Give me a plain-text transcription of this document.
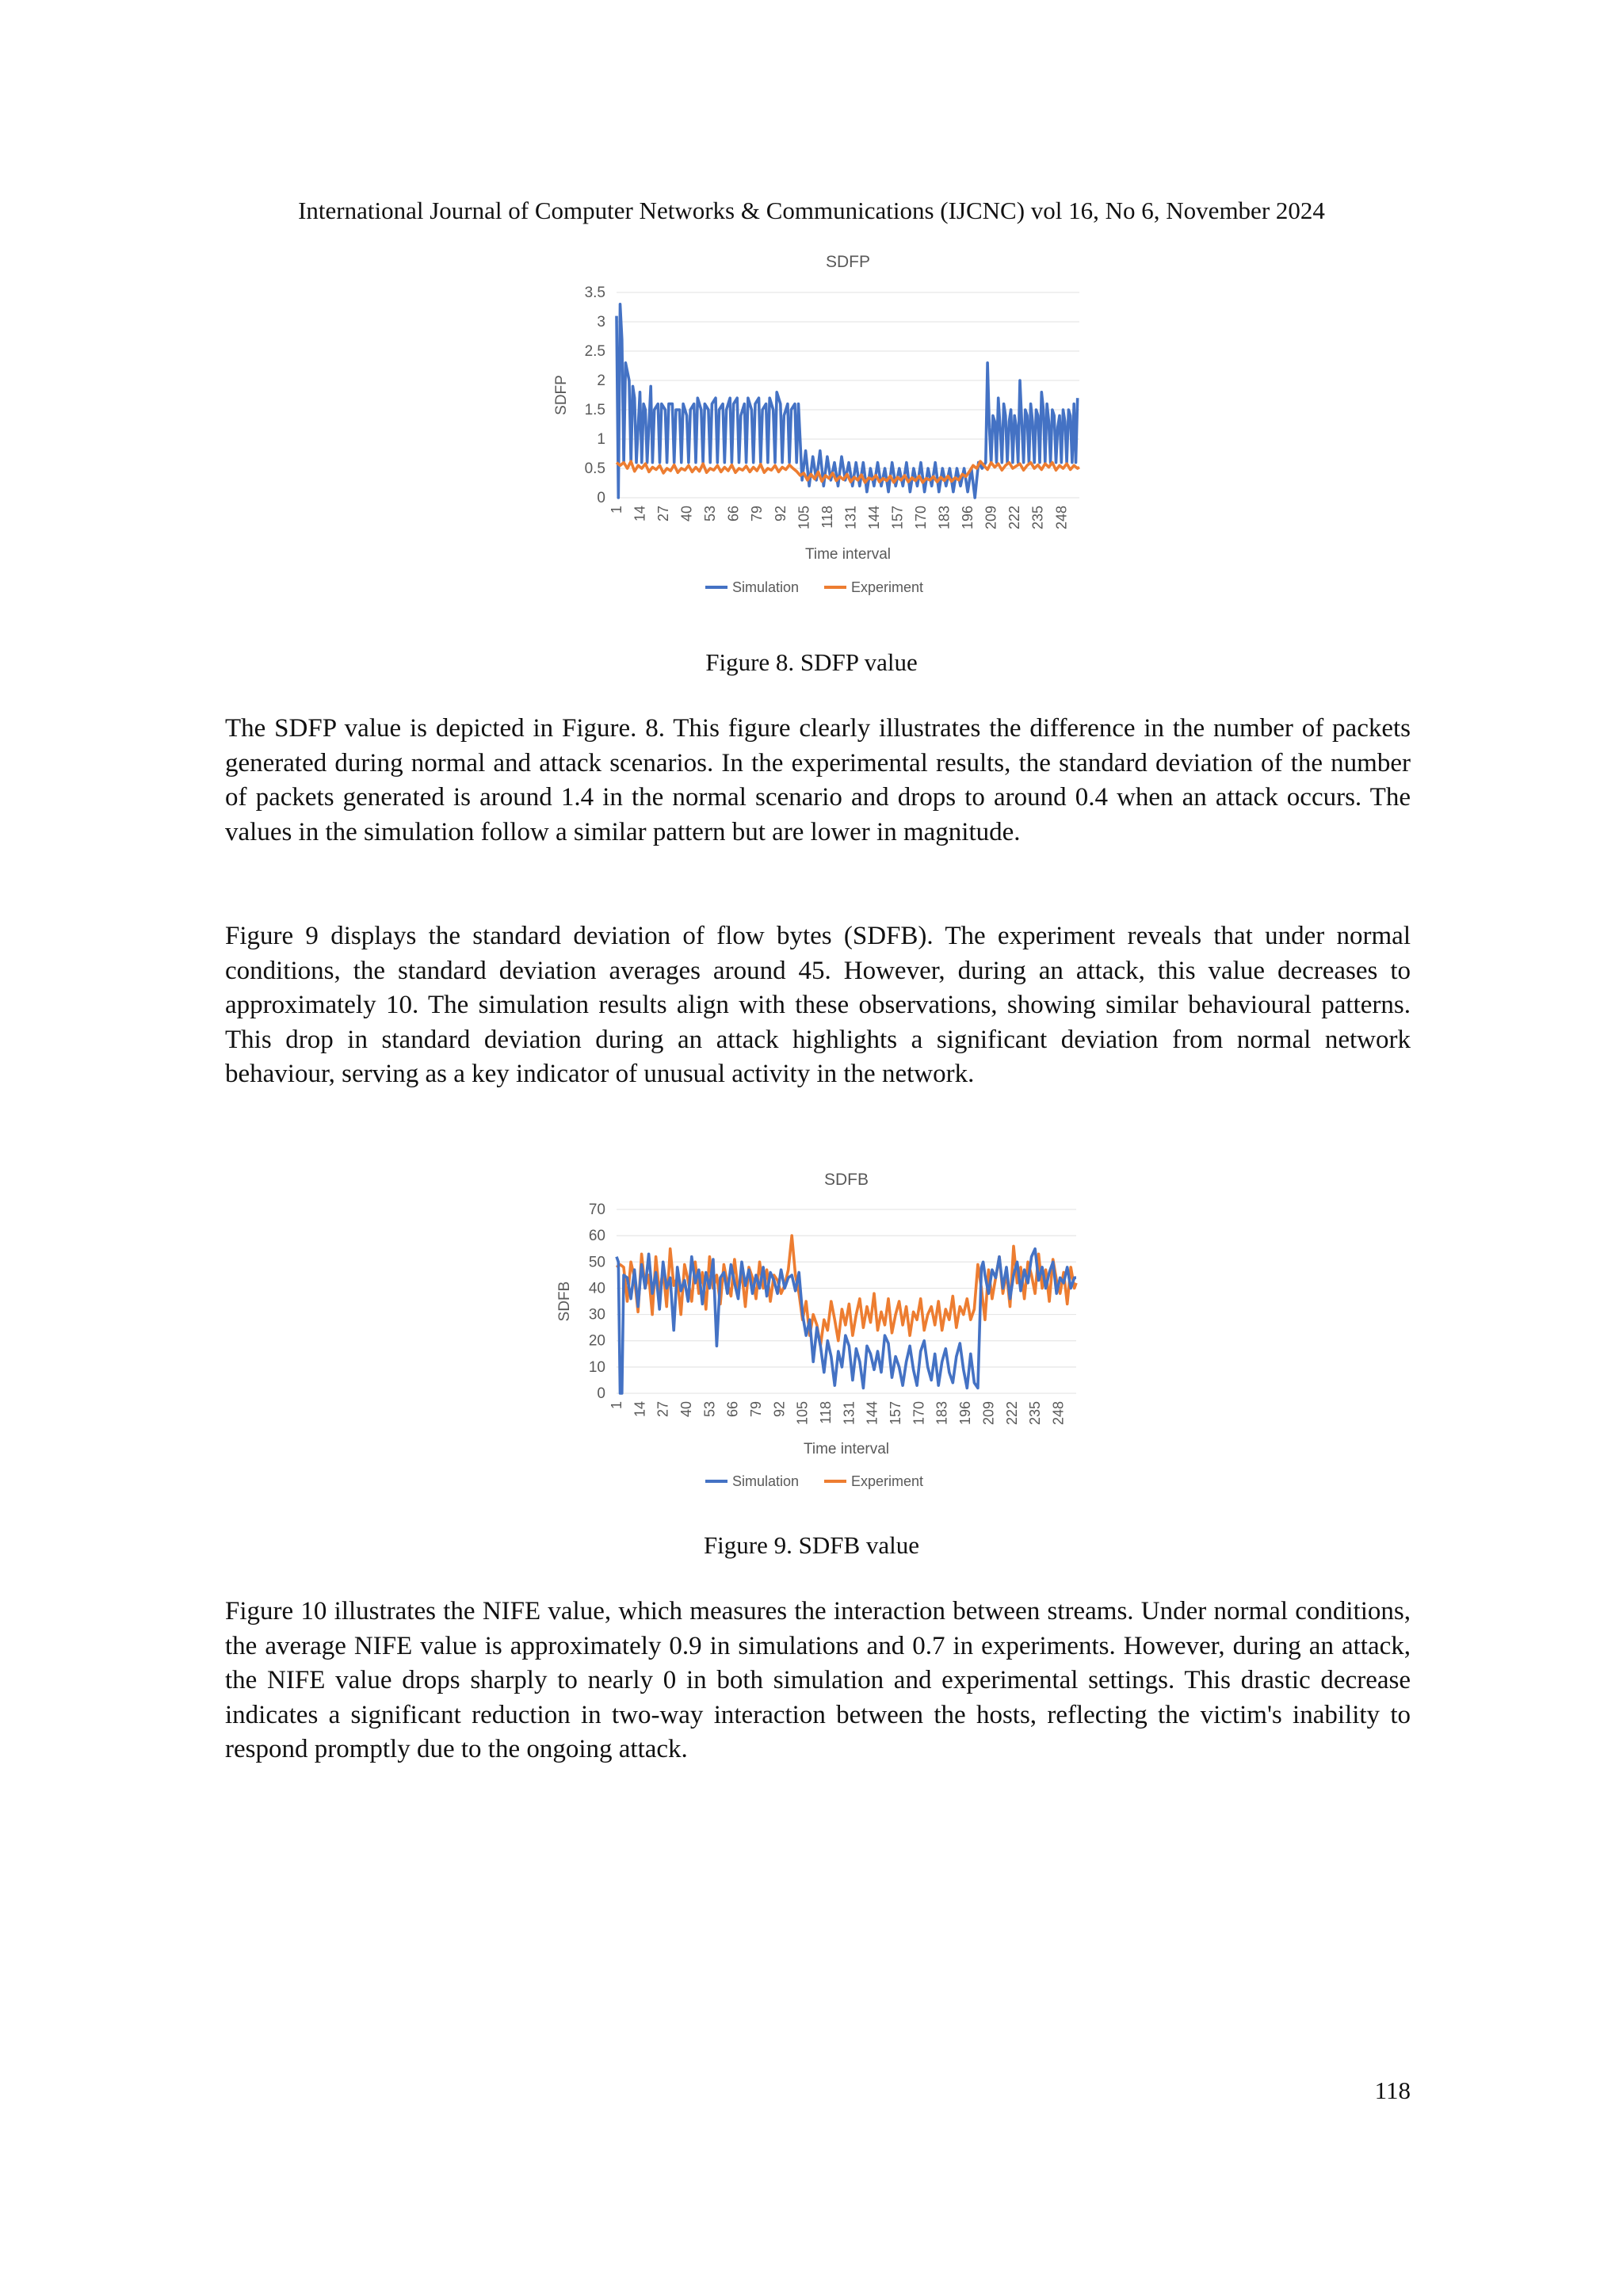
International Journal of Computer Networks & Communications (IJCNC) vol 16, No 6, November 2024
SDFP
0
0.5
1
1.5
2
2.5
3
3.5
1 14 27 40 53 66 79 92 105 118 131 144 157 170 183 196 209 222 235 248
Time interval
SDFP
Simulation	Experiment
Figure 8. SDFP value

The SDFP value is depicted in Figure. 8. This figure clearly illustrates the difference in the number of packets generated during normal and attack scenarios. In the experimental results, the standard deviation of the number of packets generated is around 1.4 in the normal scenario and drops to around 0.4 when an attack occurs. The values in the simulation follow a similar pattern but are lower in magnitude.

Figure 9 displays the standard deviation of flow bytes (SDFB). The experiment reveals that under normal conditions, the standard deviation averages around 45. However, during an attack, this value decreases to approximately 10. The simulation results align with these observations, showing similar behavioural patterns. This drop in standard deviation during an attack highlights a significant deviation from normal network behaviour, serving as a key indicator of unusual activity in the network.

SDFB
0
10
20
30
40
50
60
70
1 14 27 40 53 66 79 92 105 118 131 144 157 170 183 196 209 222 235 248
Time interval
SDFB
Simulation	Experiment
Figure 9. SDFB value

Figure 10 illustrates the NIFE value, which measures the interaction between streams. Under normal conditions, the average NIFE value is approximately 0.9 in simulations and 0.7 in experiments. However, during an attack, the NIFE value drops sharply to nearly 0 in both simulation and experimental settings. This drastic decrease indicates a significant reduction in two-way interaction between the hosts, reflecting the victim's inability to respond promptly due to the ongoing attack.

118
